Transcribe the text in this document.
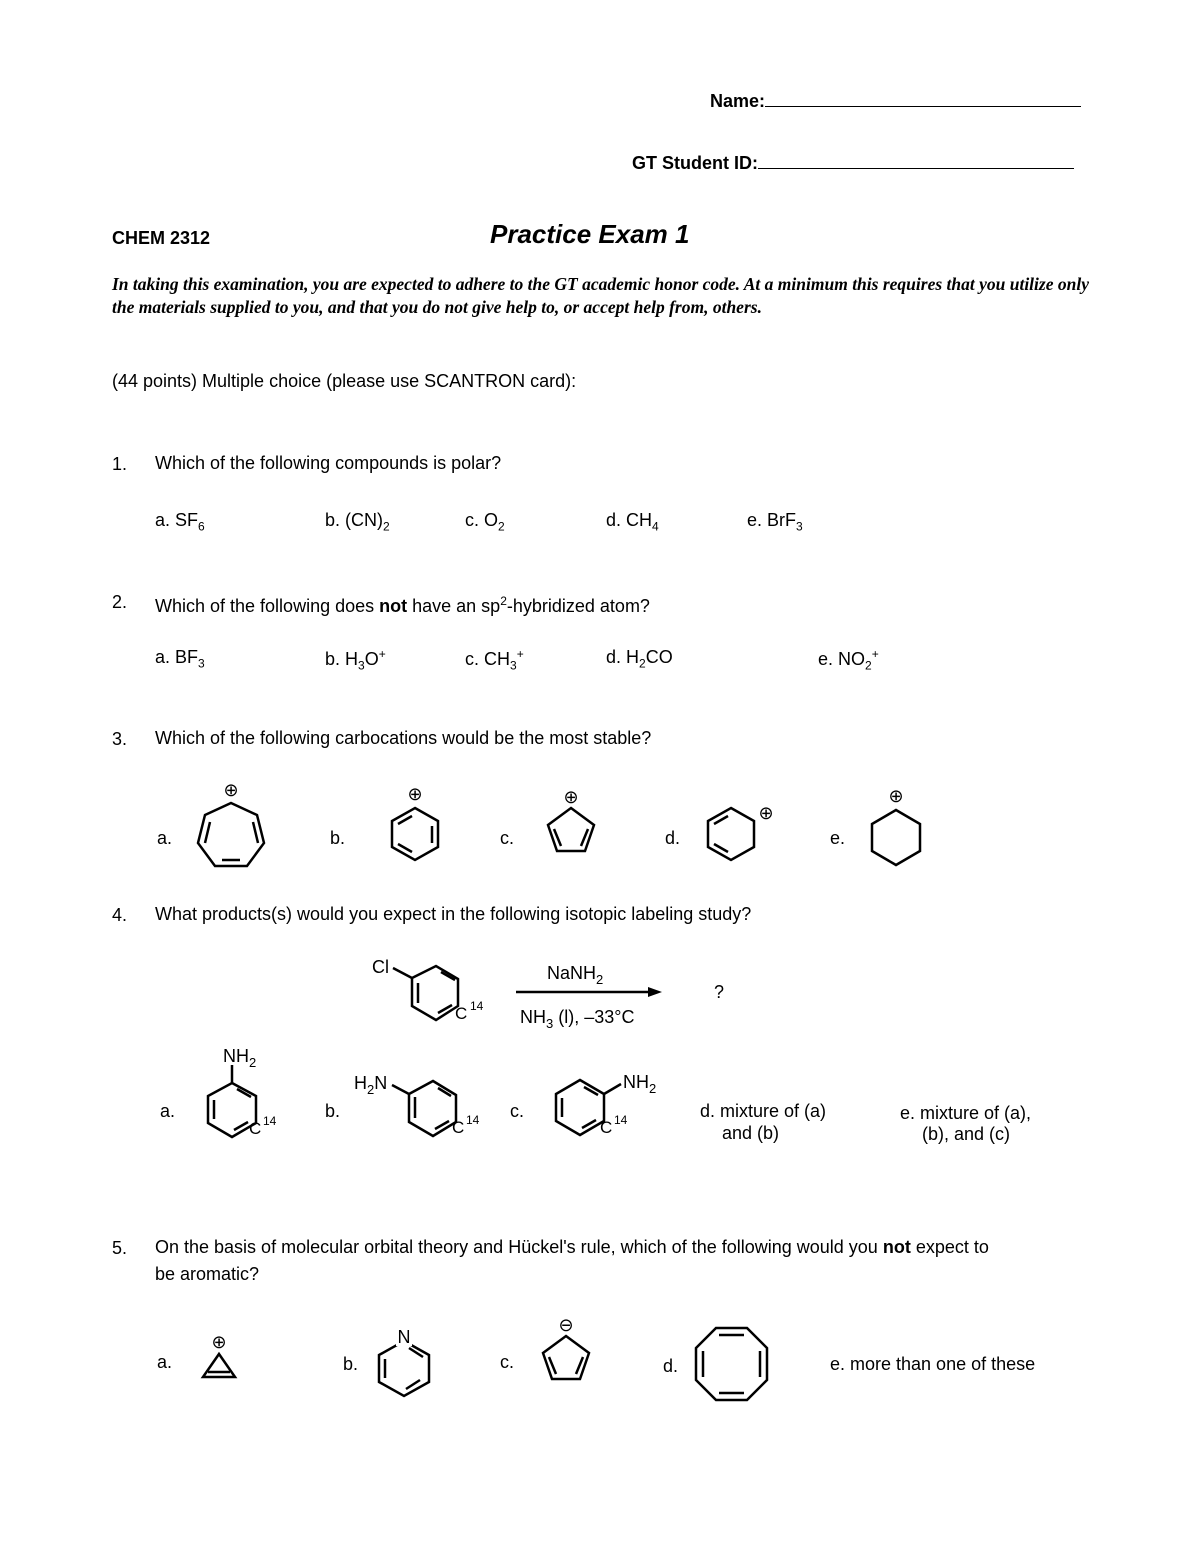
Name:
GT Student ID:
CHEM 2312	Practice Exam 1
In taking this examination, you are expected to adhere to the GT academic honor code. At a minimum this requires that you utilize only the materials supplied to you, and that you do not give help to, or accept help from, others.
(44 points) Multiple choice (please use SCANTRON card):
1. Which of the following compounds is polar?
a. $SF_6$	b. $(CN)_2$	c. $O_2$	d. $CH_4$	e. BrF$_3$
2. Which of the following does not have an $sp^2$-hybridized atom?
a. $BF_3$	b. $H_3O^+$	c. $CH_3^+$	d. $H_2CO$	e. $NO_2^+$
3. Which of the following carbocations would be the most stable?
a.	b.	c.	d.	e.
⊕	⊕	⊕
⊕
⊕
Cl
C 14
NaNH$_2$
$NH_3$ (l), –33°C
?
$NH_2$
C 14
$H_2N$
C 14
$NH_2$
C 14
⊕	N
⊖
4. What products(s) would you expect in the following isotopic labeling study?
a.	b.	c.	d. mixture of (a)
and (b)
e. mixture of (a),
(b), and (c)
5. On the basis of molecular orbital theory and Hückel's rule, which of the following would you not expect to
be aromatic?
a.	b.	c.	d.	e. more than one of these
